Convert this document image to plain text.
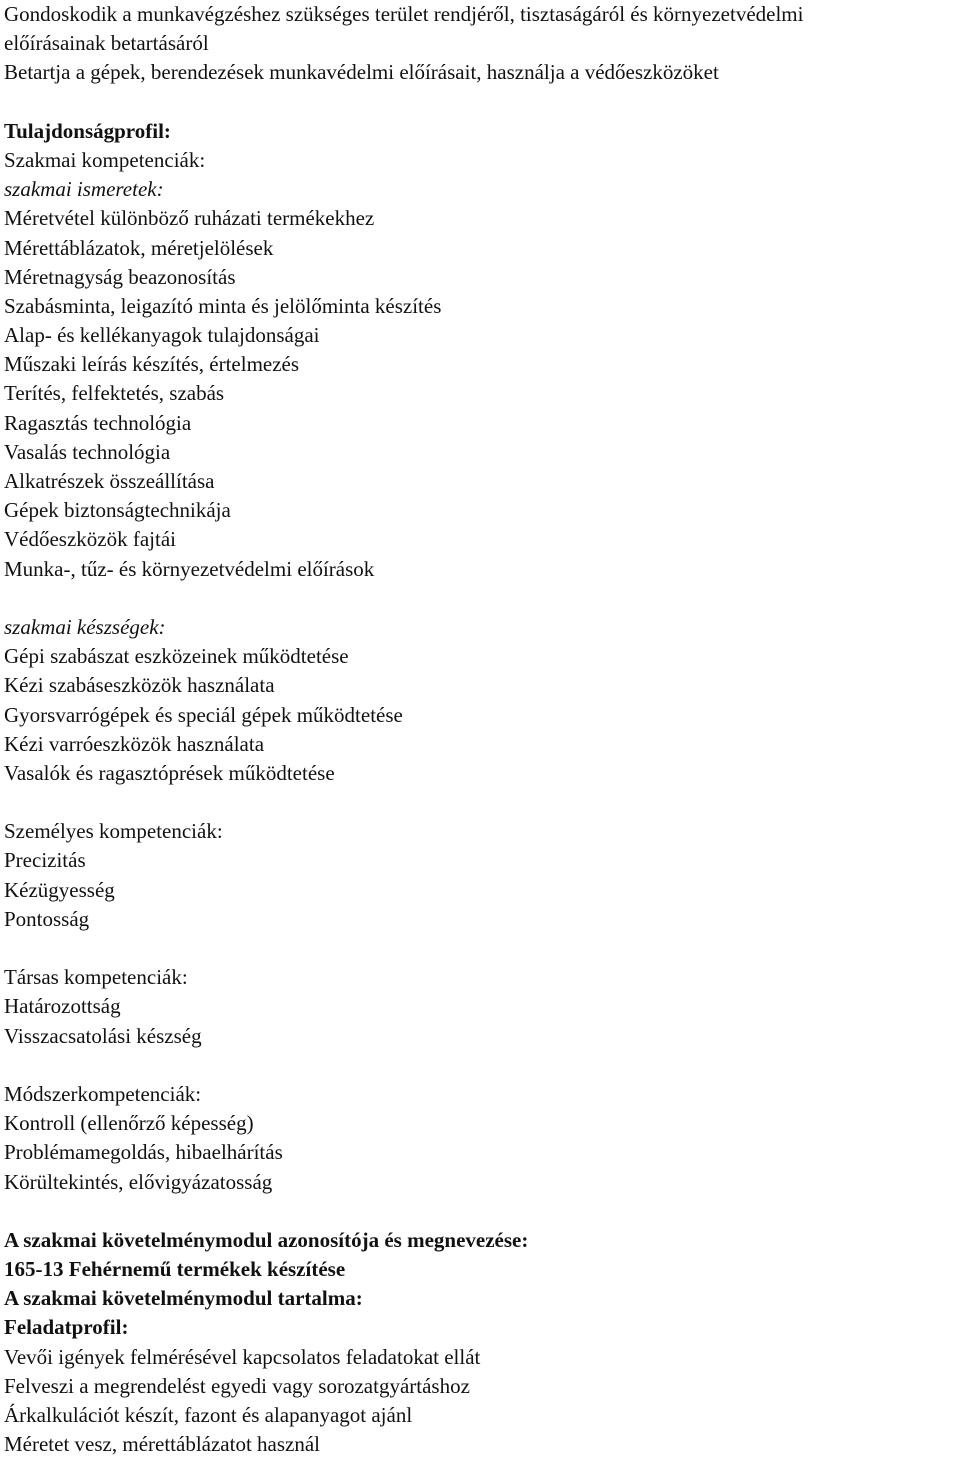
Gondoskodik a munkavégzéshez szükséges terület rendjéről, tisztaságáról és környezetvédelmi
előírásainak betartásáról
Betartja a gépek, berendezések munkavédelmi előírásait, használja a védőeszközöket
Tulajdonságprofil:
Szakmai kompetenciák:
szakmai ismeretek:
Méretvétel különböző ruházati termékekhez
Mérettáblázatok, méretjelölések
Méretnagyság beazonosítás
Szabásminta, leigazító minta és jelölőminta készítés
Alap- és kellékanyagok tulajdonságai
Műszaki leírás készítés, értelmezés
Terítés, felfektetés, szabás
Ragasztás technológia
Vasalás technológia
Alkatrészek összeállítása
Gépek biztonságtechnikája
Védőeszközök fajtái
Munka-, tűz- és környezetvédelmi előírások
szakmai készségek:
Gépi szabászat eszközeinek működtetése
Kézi szabáseszközök használata
Gyorsvarrógépek és speciál gépek működtetése
Kézi varróeszközök használata
Vasalók és ragasztóprések működtetése
Személyes kompetenciák:
Precizitás
Kézügyesség
Pontosság
Társas kompetenciák:
Határozottság
Visszacsatolási készség
Módszerkompetenciák:
Kontroll (ellenőrző képesség)
Problémamegoldás, hibaelhárítás
Körültekintés, elővigyázatosság
A szakmai követelménymodul azonosítója és megnevezése:
165-13 Fehérnemű termékek készítése
A szakmai követelménymodul tartalma:
Feladatprofil:
Vevői igények felmérésével kapcsolatos feladatokat ellát
Felveszi a megrendelést egyedi vagy sorozatgyártáshoz
Árkalkulációt készít, fazont és alapanyagot ajánl
Méretet vesz, mérettáblázatot használ
